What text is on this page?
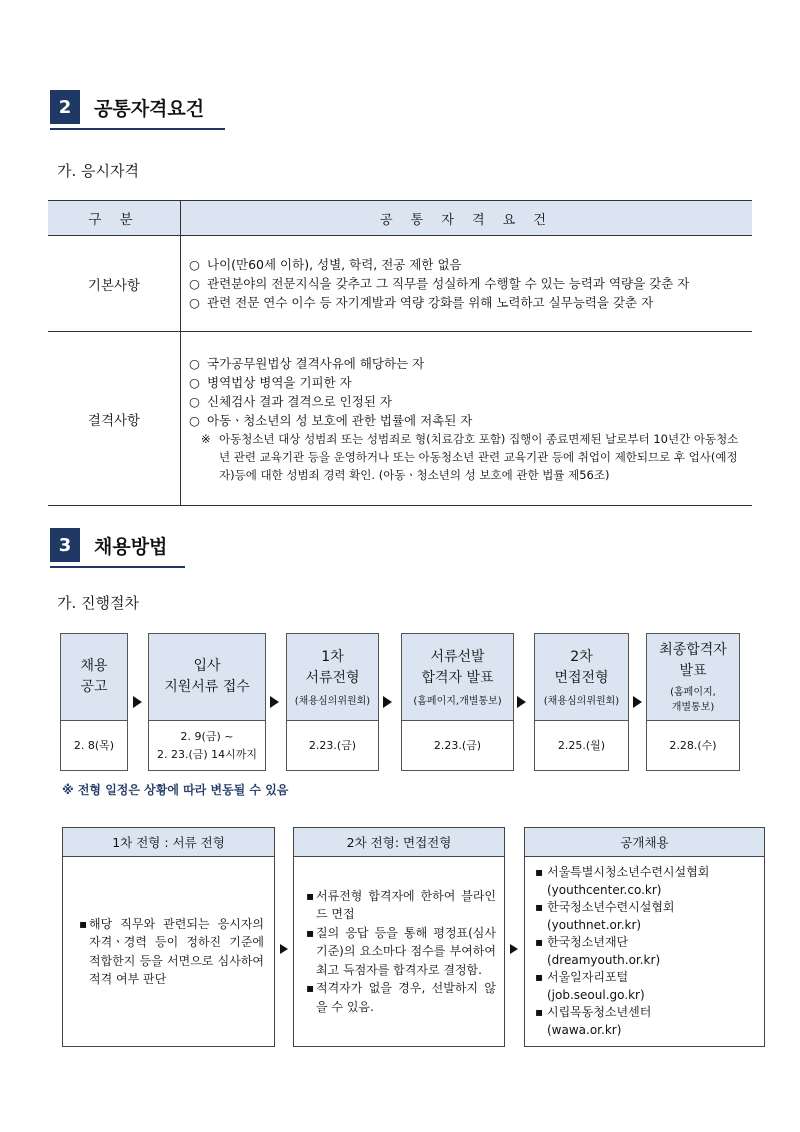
2	공통자격요건
가. 응시자격
구 분	공 통 자 격 요 건
기본사항	○ 나이(만60세 이하), 성별, 학력, 전공 제한 없음
○ 관련분야의 전문지식을 갖추고 그 직무를 성실하게 수행할 수 있는 능력과 역량을 갖춘 자
○ 관련 전문 연수 이수 등 자기계발과 역량 강화를 위해 노력하고 실무능력을 갖춘 자

결격사항	○ 국가공무원법상 결격사유에 해당하는 자
○ 병역법상 병역을 기피한 자
○ 신체검사 결과 결격으로 인정된 자
○ 아동ㆍ청소년의 성 보호에 관한 법률에 저촉된 자
※ 아동청소년 대상 성범죄 또는 성범죄로 형(치료감호 포함) 집행이 종료면제된 날로부터 10년간 아동청소년 관련 교육기관 등을 운영하거나 또는 아동청소년 관련 교육기관 등에 취업이 제한되므로 후 업사(예정자)등에 대한 성범죄 경력 확인. (아동ㆍ청소년의 성 보호에 관한 법률 제56조)
3	채용방법
가. 진행절차
채용
공고
2. 8(목)
입사
지원서류 접수
2. 9(금) ~
2. 23.(금) 14시까지
1차
서류전형
(채용심의위원회)
2.23.(금)
서류선발
합격자 발표
(홈페이지,개별통보)
2.23.(금)
2차
면접전형
(채용심의위원회)
2.25.(월)
최종합격자
발표
(홈페이지,
개별통보)
2.28.(수)
※ 전형 일정은 상황에 따라 변동될 수 있음
1차 전형 : 서류 전형
▪ 해당 직무와 관련되는 응시자의 자격ㆍ경력 등이 정하진 기준에 적합한지 등을 서면으로 심사하여 적격 여부 판단
2차 전형: 면접전형
▪ 서류전형 합격자에 한하여 블라인드 면접
▪ 질의 응답 등을 통해 평정표(심사기준)의 요소마다 점수를 부여하여 최고 득점자를 합격자로 결정함.
▪ 적격자가 없을 경우, 선발하지 않을 수 있음.
공개채용
▪ 서울특별시청소년수련시설협회
(youthcenter.co.kr)
▪ 한국청소년수련시설협회
(youthnet.or.kr)
▪ 한국청소년재단
(dreamyouth.or.kr)
▪ 서울일자리포털
(job.seoul.go.kr)
▪ 시립목동청소년센터
(wawa.or.kr)
